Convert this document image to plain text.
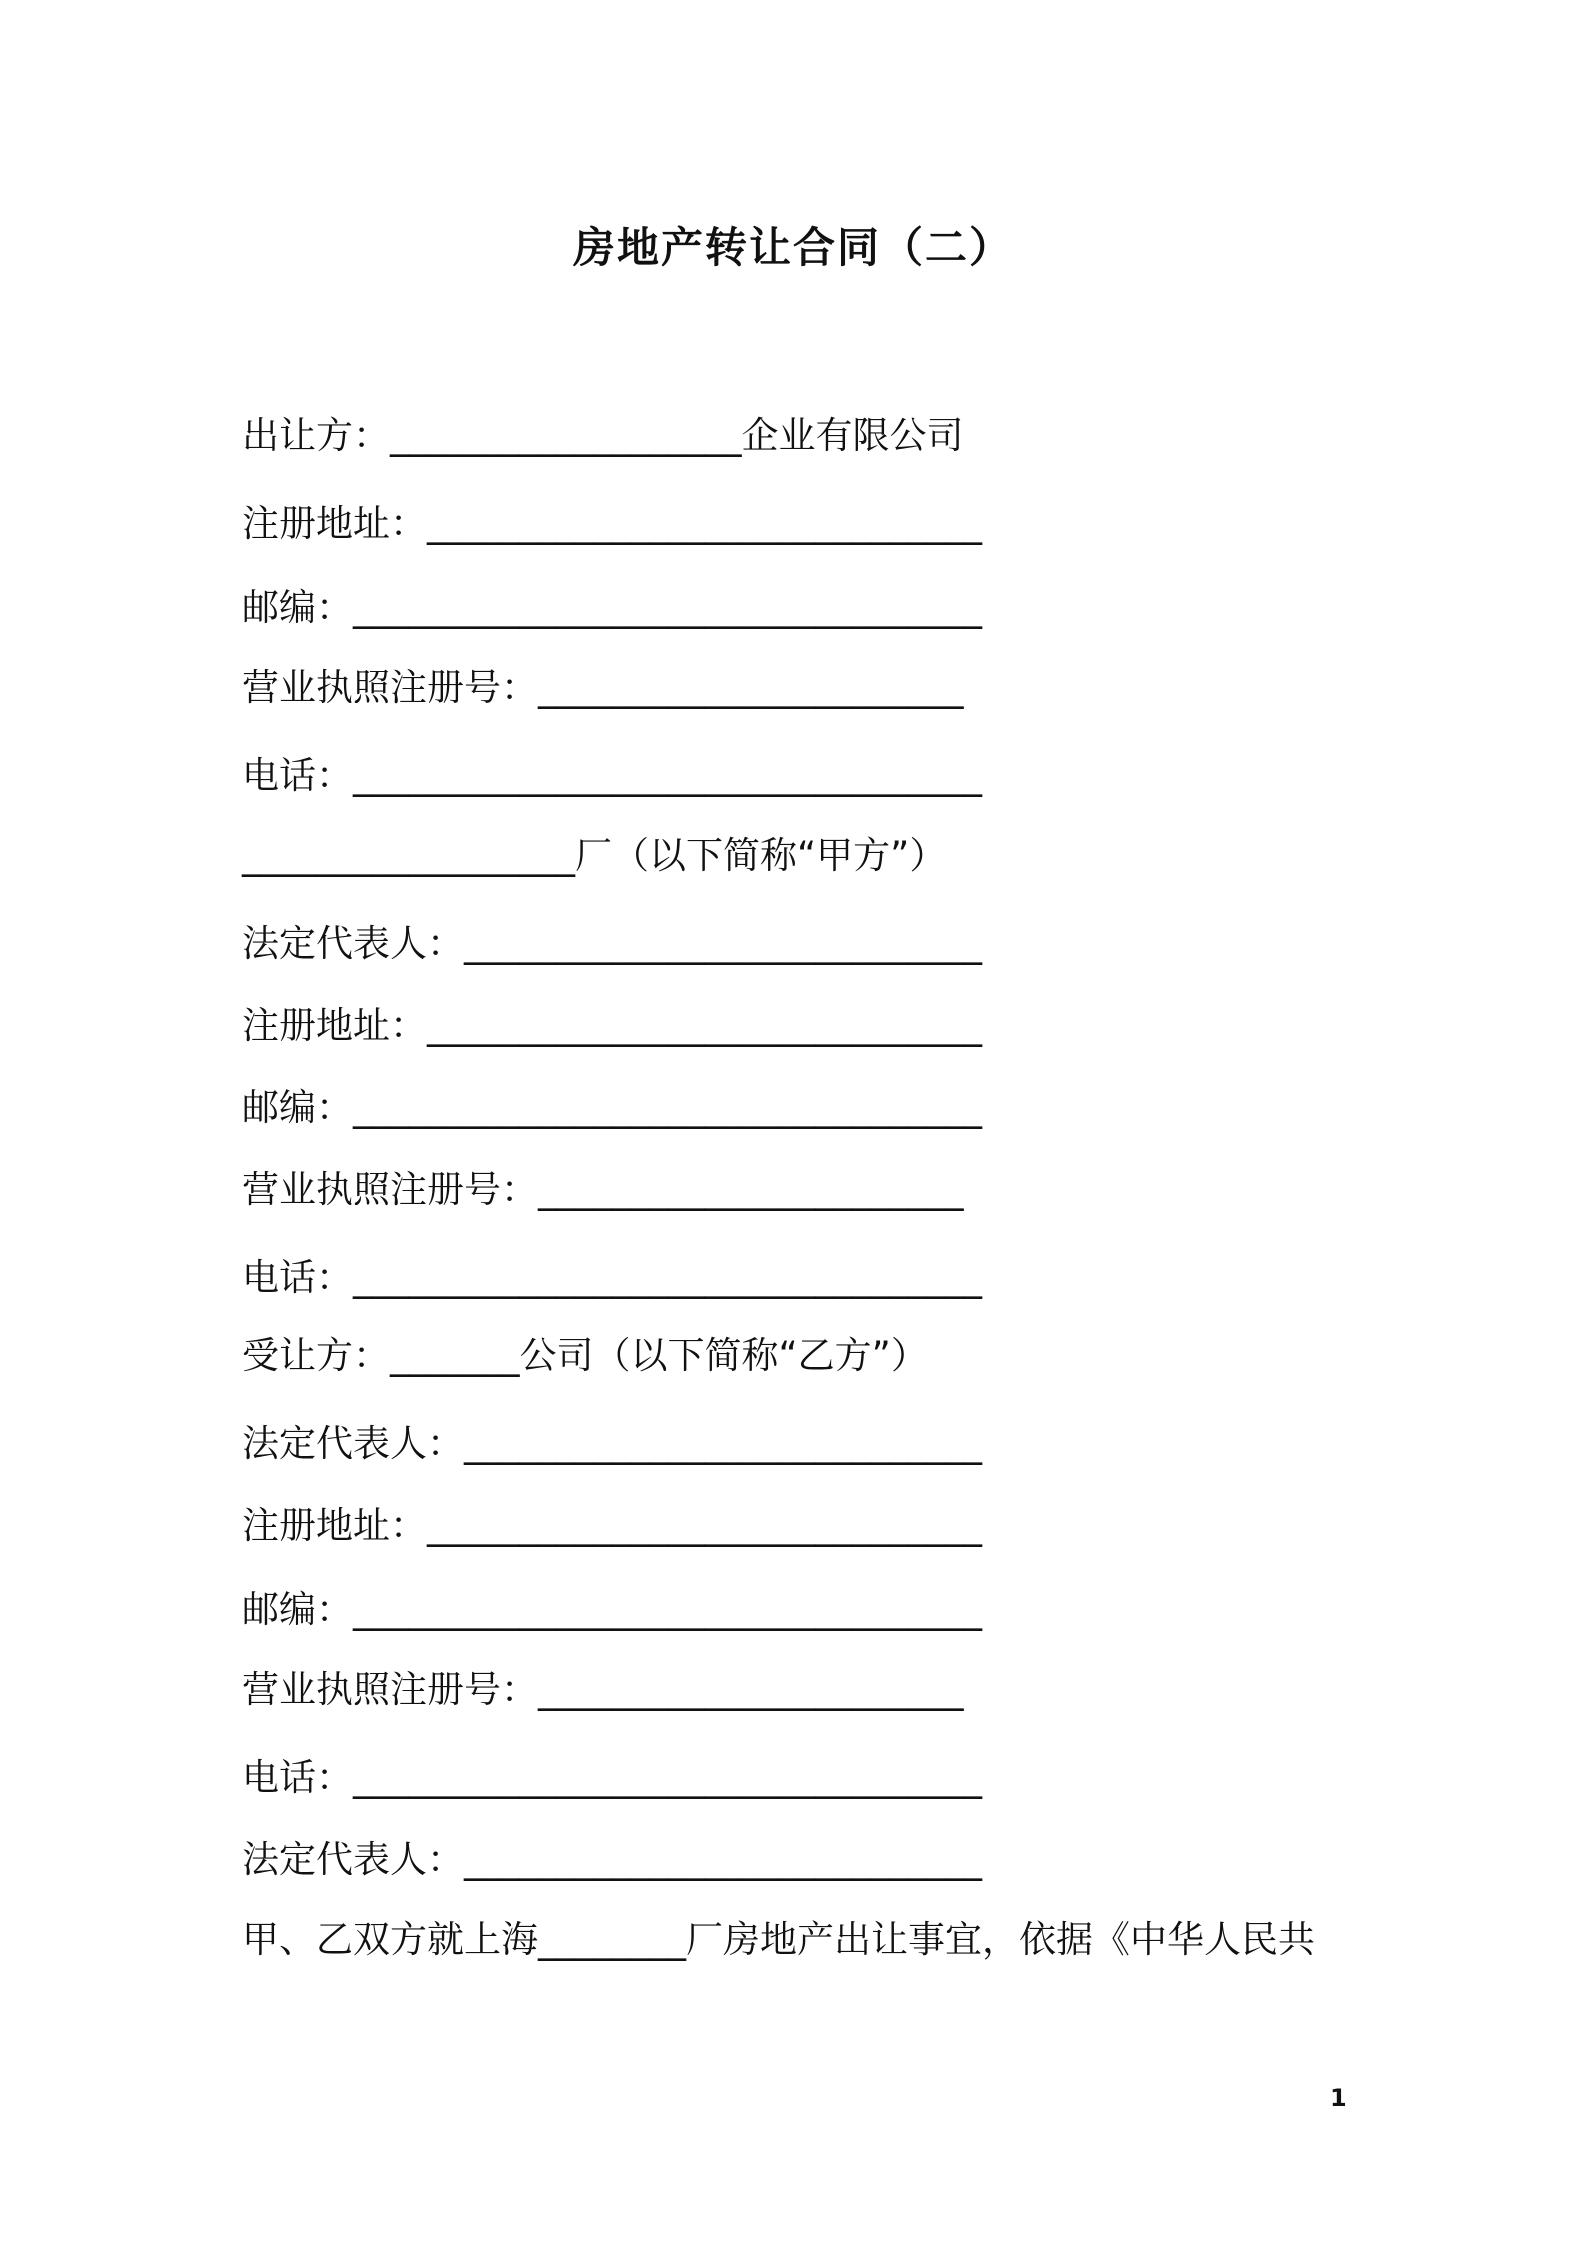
房地产转让合同（二）
出让方：___________________企业有限公司
注册地址：______________________________
邮编：__________________________________
营业执照注册号：_______________________
电话：__________________________________
__________________厂（以下简称“甲方”）
法定代表人：____________________________
注册地址：______________________________
邮编：__________________________________
营业执照注册号：_______________________
电话：__________________________________
受让方：_______公司（以下简称“乙方”）
法定代表人：____________________________
注册地址：______________________________
邮编：__________________________________
营业执照注册号：_______________________
电话：__________________________________
法定代表人：____________________________
甲、乙双方就上海________厂房地产出让事宜，依据《中华人民共
1
